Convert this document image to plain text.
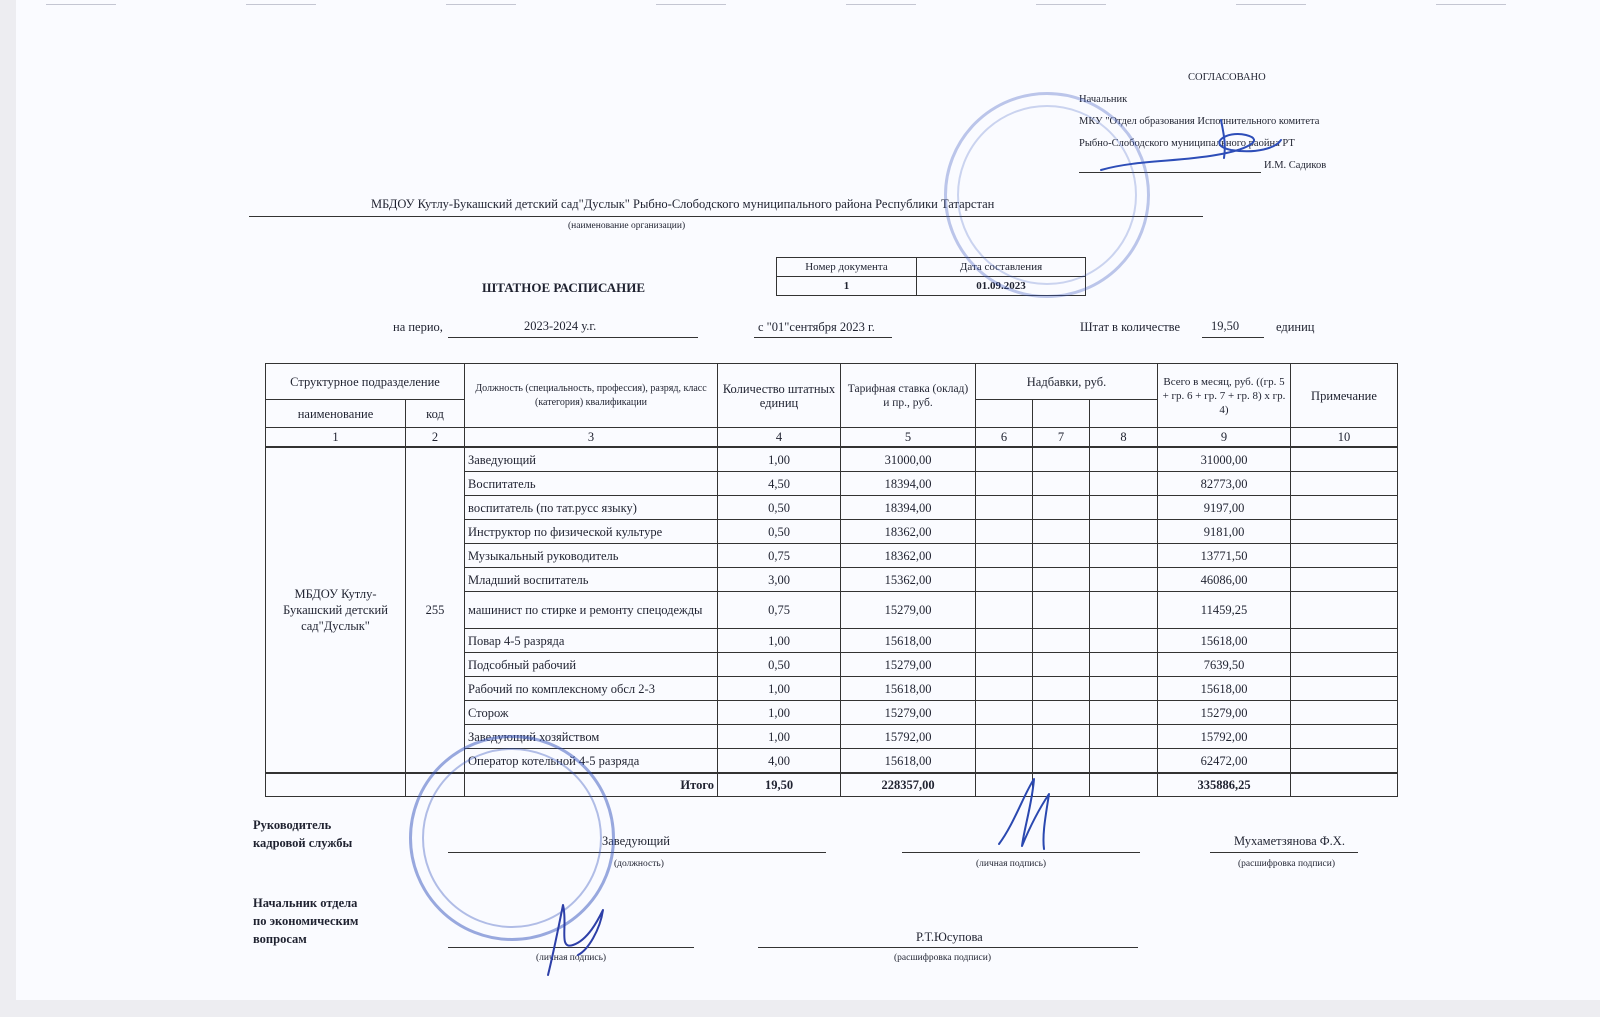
СОГЛАСОВАНО
Начальник
МКУ "Отдел образования Исполнительного комитета
Рыбно-Слободского муниципального раойна РТ
И.М. Садиков
МБДОУ Кутлу-Букашский детский сад"Дуслык" Рыбно-Слободского муниципального района Республики Татарстан
(наименование организации)
ШТАТНОЕ РАСПИСАНИЕ
Номер документа	Дата составления
1	01.09.2023
на перио,	2023-2024 у.г.	с "01"сентября 2023 г.	Штат в количестве 19,50	единиц
Структурное подразделение		Должность (специальность, профессия), разряд, класс (категория) квалификации	Количество штатных единиц	Тарифная ставка (оклад) и пр., руб.	Надбавки, руб.			Всего в месяц, руб. ((гр. 5 + гр. 6 + гр. 7 + гр. 8) х гр. 4)	Примечание
наименование	код								
1	2	3	4	5	6	7	8	9	10
МБДОУ Кутлу-Букашский детский сад"Дуслык"	255	Заведующий	1,00	31000,00				31000,00	
		Воспитатель	4,50	18394,00				82773,00	
		воспитатель (по тат.русс языку)	0,50	18394,00				9197,00	
		Инструктор по физической культуре	0,50	18362,00				9181,00	
		Музыкальный руководитель	0,75	18362,00				13771,50	
		Младший воспитатель	3,00	15362,00				46086,00	
		машинист по стирке и ремонту спецодежды	0,75	15279,00				11459,25	
		Повар 4-5 разряда	1,00	15618,00				15618,00	
		Подсобный рабочий	0,50	15279,00				7639,50	
		Рабочий по комплексному обсл 2-3	1,00	15618,00				15618,00	
		Сторож	1,00	15279,00				15279,00	
		Заведующий хозяйством	1,00	15792,00				15792,00	
		Оператор котельной 4-5 разряда	4,00	15618,00				62472,00	
		Итого	19,50	228357,00				335886,25	
Руководитель
кадровой службы	Заведующий
(должность)	(личная подпись)
Мухаметзянова Ф.Х.
(расшифровка подписи)
Начальник отдела
по экономическим
вопросам
(личная подпись)
Р.Т.Юсупова
(расшифровка подписи)
